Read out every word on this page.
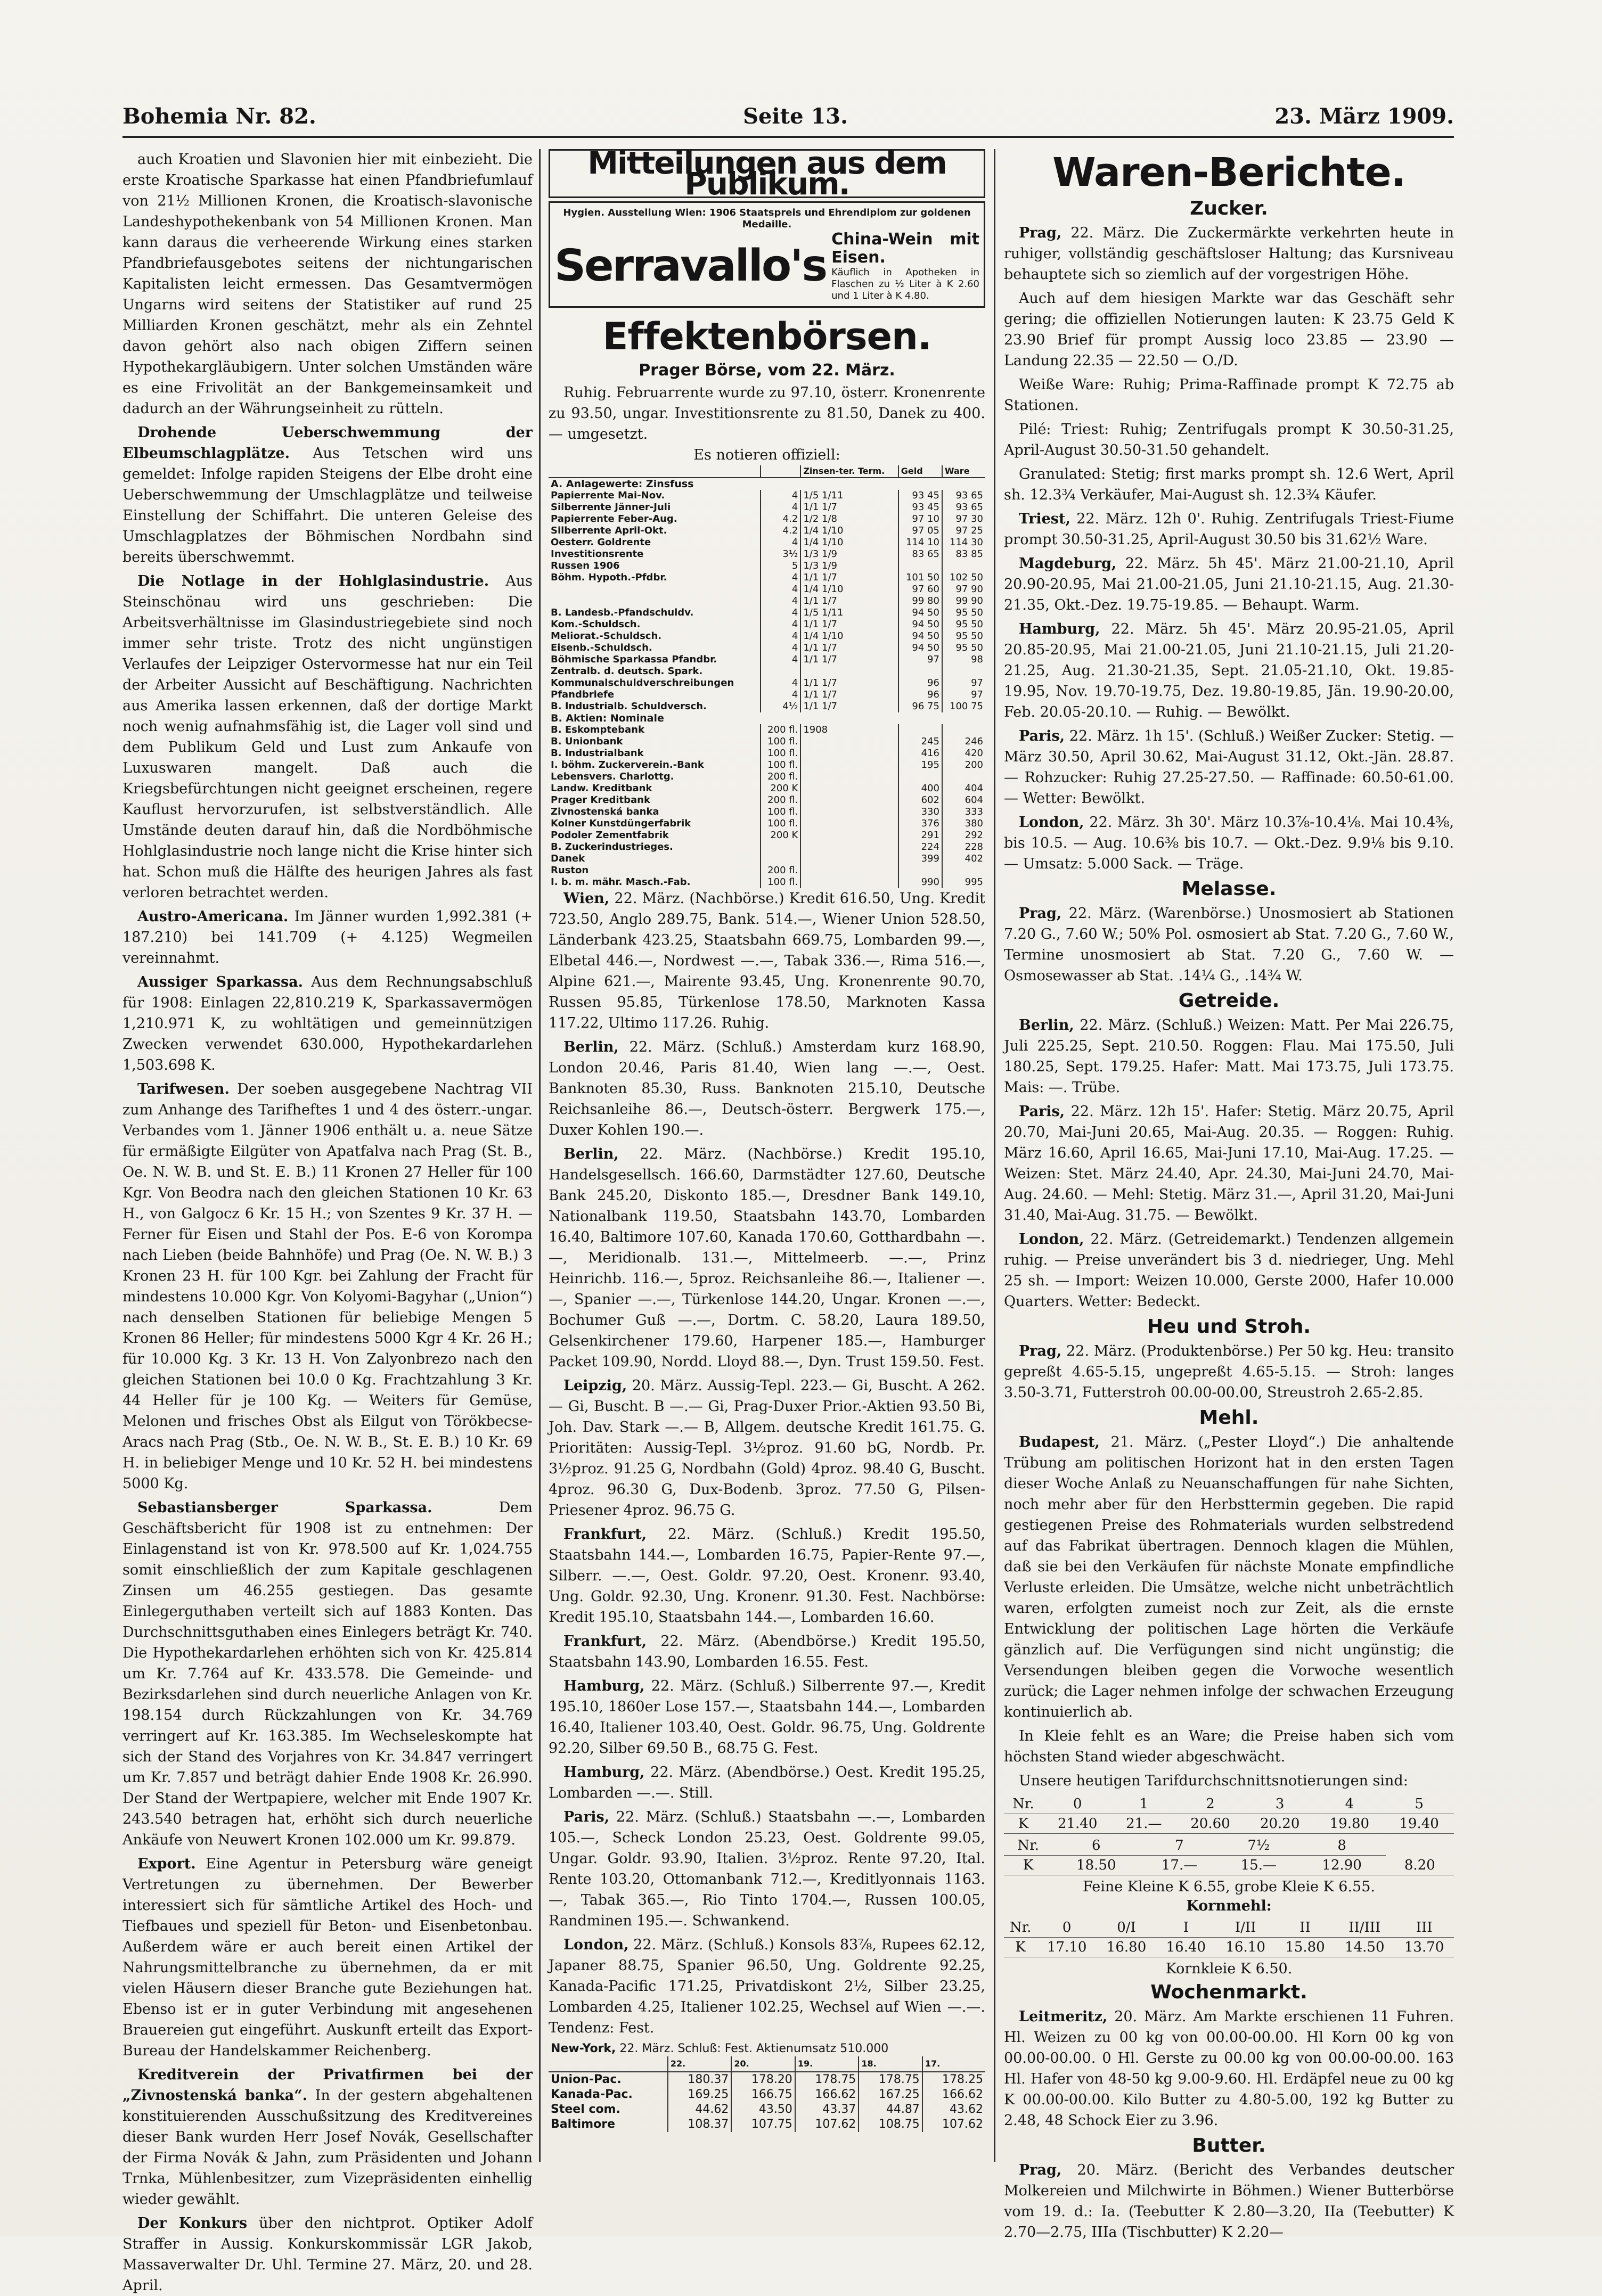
Bohemia Nr. 82.	Seite 13.	23. März 1909.

auch Kroatien und Slavonien hier mit einbezieht. Die erste Kroatische Sparkasse hat einen Pfandbriefumlauf von 21½ Millionen Kronen, die Kroatisch-slavonische Landeshypothekenbank von 54 Millionen Kronen. Man kann daraus die verheerende Wirkung eines starken Pfandbriefausgebotes seitens der nichtungarischen Kapitalisten leicht ermessen. Das Gesamtvermögen Ungarns wird seitens der Statistiker auf rund 25 Milliarden Kronen geschätzt, mehr als ein Zehntel davon gehört also nach obigen Ziffern seinen Hypothekargläubigern. Unter solchen Umständen wäre es eine Frivolität an der Bankgemeinsamkeit und dadurch an der Währungseinheit zu rütteln.

Drohende Ueberschwemmung der Elbeumschlagplätze. Aus Tetschen wird uns gemeldet: Infolge rapiden Steigens der Elbe droht eine Ueberschwemmung der Umschlagplätze und teilweise Einstellung der Schiffahrt. Die unteren Geleise des Umschlagplatzes der Böhmischen Nordbahn sind bereits überschwemmt.

Die Notlage in der Hohlglasindustrie. Aus Steinschönau wird uns geschrieben: Die Arbeitsverhältnisse im Glasindustriegebiete sind noch immer sehr triste. Trotz des nicht ungünstigen Verlaufes der Leipziger Ostervormesse hat nur ein Teil der Arbeiter Aussicht auf Beschäftigung. Nachrichten aus Amerika lassen erkennen, daß der dortige Markt noch wenig aufnahmsfähig ist, die Lager voll sind und dem Publikum Geld und Lust zum Ankaufe von Luxuswaren mangelt. Daß auch die Kriegsbefürchtungen nicht geeignet erscheinen, regere Kauflust hervorzurufen, ist selbstverständlich. Alle Umstände deuten darauf hin, daß die Nordböhmische Hohlglasindustrie noch lange nicht die Krise hinter sich hat. Schon muß die Hälfte des heurigen Jahres als fast verloren betrachtet werden.

Austro-Americana. Im Jänner wurden 1,992.381 (+ 187.210) bei 141.709 (+ 4.125) Wegmeilen vereinnahmt.

Aussiger Sparkassa. Aus dem Rechnungsabschluß für 1908: Einlagen 22,810.219 K, Sparkassavermögen 1,210.971 K, zu wohltätigen und gemeinnützigen Zwecken verwendet 630.000, Hypothekardarlehen 1,503.698 K.

Tarifwesen. Der soeben ausgegebene Nachtrag VII zum Anhange des Tarifheftes 1 und 4 des österr.-ungar. Verbandes vom 1. Jänner 1906 enthält u. a. neue Sätze für ermäßigte Eilgüter von Apatfalva nach Prag (St. B., Oe. N. W. B. und St. E. B.) 11 Kronen 27 Heller für 100 Kgr. Von Beodra nach den gleichen Stationen 10 Kr. 63 H., von Galgocz 6 Kr. 15 H.; von Szentes 9 Kr. 37 H. — Ferner für Eisen und Stahl der Pos. E-6 von Korompa nach Lieben (beide Bahnhöfe) und Prag (Oe. N. W. B.) 3 Kronen 23 H. für 100 Kgr. bei Zahlung der Fracht für mindestens 10.000 Kgr. Von Kolyomi-Bagyhar („Union“) nach denselben Stationen für beliebige Mengen 5 Kronen 86 Heller; für mindestens 5000 Kgr 4 Kr. 26 H.; für 10.000 Kg. 3 Kr. 13 H. Von Zalyonbrezo nach den gleichen Stationen bei 10.0 0 Kg. Frachtzahlung 3 Kr. 44 Heller für je 100 Kg. — Weiters für Gemüse, Melonen und frisches Obst als Eilgut von Törökbecse-Aracs nach Prag (Stb., Oe. N. W. B., St. E. B.) 10 Kr. 69 H. in beliebiger Menge und 10 Kr. 52 H. bei mindestens 5000 Kg.

Sebastiansberger Sparkassa.	Dem Geschäftsbericht für 1908 ist zu entnehmen: Der Einlagenstand ist von Kr. 978.500 auf Kr. 1,024.755 somit einschließlich der zum Kapitale geschlagenen Zinsen um 46.255 gestiegen. Das gesamte Einlegerguthaben verteilt sich auf 1883 Konten. Das Durchschnittsguthaben eines Einlegers beträgt Kr. 740. Die Hypothekardarlehen erhöhten sich von Kr. 425.814 um Kr. 7.764 auf Kr. 433.578. Die Gemeinde- und Bezirksdarlehen sind durch neuerliche Anlagen von Kr. 198.154 durch Rückzahlungen von Kr. 34.769 verringert auf Kr. 163.385. Im Wechseleskompte hat sich der Stand des Vorjahres von Kr. 34.847 verringert um Kr. 7.857 und beträgt dahier Ende 1908 Kr. 26.990. Der Stand der Wertpapiere, welcher mit Ende 1907 Kr. 243.540 betragen hat, erhöht sich durch neuerliche Ankäufe von Neuwert Kronen 102.000 um Kr. 99.879.

Export. Eine Agentur in Petersburg wäre geneigt Vertretungen zu übernehmen. Der Bewerber interessiert sich für sämtliche Artikel des Hoch- und Tiefbaues und speziell für Beton- und Eisenbetonbau. Außerdem wäre er auch bereit einen Artikel der Nahrungsmittelbranche zu übernehmen, da er mit vielen Häusern dieser Branche gute Beziehungen hat. Ebenso ist er in guter Verbindung mit angesehenen Brauereien gut eingeführt. Auskunft erteilt das Export-Bureau der Handelskammer Reichenberg.

Kreditverein der Privatfirmen bei der „Zivnostenská banka“. In der gestern abgehaltenen konstituierenden Ausschußsitzung des Kreditvereines dieser Bank wurden Herr Josef Novák, Gesellschafter der Firma Novák & Jahn, zum Präsidenten und Johann Trnka, Mühlenbesitzer, zum Vizepräsidenten einhellig wieder gewählt.

Der Konkurs über den nichtprot. Optiker Adolf Straffer in Aussig. Konkurskommissär LGR Jakob, Massaverwalter Dr. Uhl. Termine 27. März, 20. und 28. April.

Mitteilungen aus dem Publikum.
Hygien. Ausstellung Wien: 1906 Staatspreis und Ehrendiplom zur goldenen Medaille.
Serravallo's
China-Wein mit Eisen.
Käuflich in Apotheken in Flaschen zu ½ Liter à K 2.60 und 1 Liter à K 4.80.
Effektenbörsen.
Prager Börse, vom 22. März.

Ruhig. Februarrente wurde zu 97.10, österr. Kronenrente zu 93.50, ungar. Investitionsrente zu 81.50, Danek zu 400.— umgesetzt.

Es notieren offiziell:
		Zinsen-ter. Term.	Geld	Ware
A. Anlagewerte: Zinsfuss				
Papierrente Mai-Nov.	4	1/5 1/11	93 45	93 65
Silberrente Jänner-Juli	4	1/1 1/7	93 45	93 65
Papierrente Feber-Aug.	4.2	1/2 1/8	97 10	97 30
Silberrente April-Okt.	4.2	1/4 1/10	97 05	97 25
Oesterr. Goldrente	4	1/4 1/10	114 10	114 30
Investitionsrente	3½	1/3 1/9	83 65	83 85
Russen 1906	5	1/3 1/9		
Böhm. Hypoth.-Pfdbr.	4	1/1 1/7	101 50	102 50
	4	1/4 1/10	97 60	97 90
	4	1/1 1/7	99 80	99 90
B. Landesb.-Pfandschuldv.	4	1/5 1/11	94 50	95 50
Kom.-Schuldsch.	4	1/1 1/7	94 50	95 50
Meliorat.-Schuldsch.	4	1/4 1/10	94 50	95 50
Eisenb.-Schuldsch.	4	1/1 1/7	94 50	95 50
Böhmische Sparkassa Pfandbr.	4	1/1 1/7	97	98
Zentralb. d. deutsch. Spark.				
Kommunalschuldverschreibungen	4	1/1 1/7	96	97
Pfandbriefe	4	1/1 1/7	96	97
B. Industrialb. Schuldversch.	4½	1/1 1/7	96 75	100 75
B. Aktien: Nominale				
B. Eskomptebank	200 fl.	1908		
B. Unionbank	100 fl.		245	246
B. Industrialbank	100 fl.		416	420
I. böhm. Zuckerverein.-Bank	100 fl.		195	200
Lebensvers. Charlottg.	200 fl.			
Landw. Kreditbank	200 K		400	404
Prager Kreditbank	200 fl.		602	604
Zivnostenská banka	100 fl.		330	333
Kolner Kunstdüngerfabrik	100 fl.		376	380
Podoler Zementfabrik	200 K		291	292
B. Zuckerindustrieges.			224	228
Danek			399	402
Ruston	200 fl.			
I. b. m. mähr. Masch.-Fab.	100 fl.		990	995

Wien, 22. März. (Nachbörse.) Kredit 616.50, Ung. Kredit 723.50, Anglo 289.75, Bank. 514.—, Wiener Union 528.50, Länderbank 423.25, Staatsbahn 669.75, Lombarden 99.—, Elbetal 446.—, Nordwest —.—, Tabak 336.—, Rima 516.—, Alpine 621.—, Mairente 93.45, Ung. Kronenrente 90.70, Russen 95.85, Türkenlose 178.50, Marknoten Kassa 117.22, Ultimo 117.26. Ruhig.

Berlin, 22. März. (Schluß.) Amsterdam kurz 168.90, London 20.46, Paris 81.40, Wien lang —.—, Oest. Banknoten 85.30, Russ. Banknoten 215.10, Deutsche Reichsanleihe 86.—, Deutsch-österr. Bergwerk 175.—, Duxer Kohlen 190.—.

Berlin, 22. März. (Nachbörse.) Kredit 195.10, Handelsgesellsch. 166.60, Darmstädter 127.60, Deutsche Bank 245.20, Diskonto 185.—, Dresdner Bank 149.10, Nationalbank 119.50, Staatsbahn 143.70, Lombarden 16.40, Baltimore 107.60, Kanada 170.60, Gotthardbahn —.—, Meridionalb. 131.—, Mittelmeerb. —.—, Prinz Heinrichb. 116.—, 5proz. Reichsanleihe 86.—, Italiener —.—, Spanier —.—, Türkenlose 144.20, Ungar. Kronen —.—, Bochumer Guß —.—, Dortm. C. 58.20, Laura 189.50, Gelsenkirchener 179.60, Harpener 185.—, Hamburger Packet 109.90, Nordd. Lloyd 88.—, Dyn. Trust 159.50. Fest.

Leipzig, 20. März. Aussig-Tepl. 223.— Gi, Buscht. A 262.— Gi, Buscht. B —.— Gi, Prag-Duxer Prior.-Aktien 93.50 Bi, Joh. Dav. Stark —.— B, Allgem. deutsche Kredit 161.75. G. Prioritäten: Aussig-Tepl. 3½proz. 91.60 bG, Nordb. Pr. 3½proz. 91.25 G, Nordbahn (Gold) 4proz. 98.40 G, Buscht. 4proz. 96.30 G, Dux-Bodenb. 3proz. 77.50 G, Pilsen-Priesener 4proz. 96.75 G.

Frankfurt, 22. März. (Schluß.) Kredit 195.50, Staatsbahn 144.—, Lombarden 16.75, Papier-Rente 97.—, Silberr. —.—, Oest. Goldr. 97.20, Oest. Kronenr. 93.40, Ung. Goldr. 92.30, Ung. Kronenr. 91.30. Fest. Nachbörse: Kredit 195.10, Staatsbahn 144.—, Lombarden 16.60.

Frankfurt, 22. März. (Abendbörse.) Kredit 195.50, Staatsbahn 143.90, Lombarden 16.55. Fest.

Hamburg, 22. März. (Schluß.) Silberrente 97.—, Kredit 195.10, 1860er Lose 157.—, Staatsbahn 144.—, Lombarden 16.40, Italiener 103.40, Oest. Goldr. 96.75, Ung. Goldrente 92.20, Silber 69.50 B., 68.75 G. Fest.

Hamburg, 22. März. (Abendbörse.) Oest. Kredit 195.25, Lombarden —.—. Still.

Paris, 22. März. (Schluß.) Staatsbahn —.—, Lombarden 105.—, Scheck London 25.23, Oest. Goldrente 99.05, Ungar. Goldr. 93.90, Italien. 3½proz. Rente 97.20, Ital. Rente 103.20, Ottomanbank 712.—, Kreditlyonnais 1163.—, Tabak 365.—, Rio Tinto 1704.—, Russen 100.05, Randminen 195.—. Schwankend.

London, 22. März. (Schluß.) Konsols 83⅞, Rupees 62.12, Japaner 88.75, Spanier 96.50, Ung. Goldrente 92.25, Kanada-Pacific 171.25, Privatdiskont 2½, Silber 23.25, Lombarden 4.25, Italiener 102.25, Wechsel auf Wien —.—. Tendenz: Fest.

New-York, 22. März. Schluß: Fest. Aktienumsatz 510.000					
	22.	20.	19.	18.	17.
Union-Pac.	180.37	178.20	178.75	178.75	178.25
Kanada-Pac.	169.25	166.75	166.62	167.25	166.62
Steel com.	44.62	43.50	43.37	44.87	43.62
Baltimore	108.37	107.75	107.62	108.75	107.62
Waren-Berichte.
Zucker.

Prag, 22. März. Die Zuckermärkte verkehrten heute in ruhiger, vollständig geschäftsloser Haltung; das Kursniveau behauptete sich so ziemlich auf der vorgestrigen Höhe.

Auch auf dem hiesigen Markte war das Geschäft sehr gering; die offiziellen Notierungen lauten: K 23.75 Geld K 23.90 Brief für prompt Aussig loco 23.85 — 23.90 — Landung 22.35 — 22.50 — O./D.

Weiße Ware: Ruhig; Prima-Raffinade prompt K 72.75 ab Stationen.

Pilé: Triest: Ruhig; Zentrifugals prompt K 30.50-31.25, April-August 30.50-31.50 gehandelt.

Granulated: Stetig; first marks prompt sh. 12.6 Wert, April sh. 12.3¾ Verkäufer, Mai-August sh. 12.3¾ Käufer.

Triest, 22. März. 12h 0'. Ruhig. Zentrifugals Triest-Fiume prompt 30.50-31.25, April-August 30.50 bis 31.62½ Ware.

Magdeburg, 22. März. 5h 45'. März 21.00-21.10, April 20.90-20.95, Mai 21.00-21.05, Juni 21.10-21.15, Aug. 21.30-21.35, Okt.-Dez. 19.75-19.85. — Behaupt. Warm.

Hamburg, 22. März. 5h 45'. März 20.95-21.05, April 20.85-20.95, Mai 21.00-21.05, Juni 21.10-21.15, Juli 21.20-21.25, Aug. 21.30-21.35, Sept. 21.05-21.10, Okt. 19.85-19.95, Nov. 19.70-19.75, Dez. 19.80-19.85, Jän. 19.90-20.00, Feb. 20.05-20.10. — Ruhig. — Bewölkt.

Paris, 22. März. 1h 15'. (Schluß.) Weißer Zucker: Stetig. — März 30.50, April 30.62, Mai-August 31.12, Okt.-Jän. 28.87. — Rohzucker: Ruhig 27.25-27.50. — Raffinade: 60.50-61.00. — Wetter: Bewölkt.

London, 22. März. 3h 30'. März 10.3⅞-10.4⅛. Mai 10.4⅜, bis 10.5. — Aug. 10.6⅜ bis 10.7. — Okt.-Dez. 9.9⅛ bis 9.10. — Umsatz: 5.000 Sack. — Träge.

Melasse.

Prag, 22. März. (Warenbörse.) Unosmosiert ab Stationen 7.20 G., 7.60 W.; 50% Pol. osmosiert ab Stat. 7.20 G., 7.60 W., Termine unosmosiert ab Stat. 7.20 G., 7.60 W. — Osmosewasser ab Stat. .14¼ G., .14¾ W.

Getreide.

Berlin, 22. März. (Schluß.) Weizen: Matt. Per Mai 226.75, Juli 225.25, Sept. 210.50. Roggen: Flau. Mai 175.50, Juli 180.25, Sept. 179.25. Hafer: Matt. Mai 173.75, Juli 173.75. Mais: —. Trübe.

Paris, 22. März. 12h 15'. Hafer: Stetig. März 20.75, April 20.70, Mai-Juni 20.65, Mai-Aug. 20.35. — Roggen: Ruhig. März 16.60, April 16.65, Mai-Juni 17.10, Mai-Aug. 17.25. — Weizen: Stet. März 24.40, Apr. 24.30, Mai-Juni 24.70, Mai-Aug. 24.60. — Mehl: Stetig. März 31.—, April 31.20, Mai-Juni 31.40, Mai-Aug. 31.75. — Bewölkt.

London, 22. März. (Getreidemarkt.) Tendenzen allgemein ruhig. — Preise unverändert bis 3 d. niedrieger, Ung. Mehl 25 sh. — Import: Weizen 10.000, Gerste 2000, Hafer 10.000 Quarters. Wetter: Bedeckt.

Heu und Stroh.

Prag, 22. März. (Produktenbörse.) Per 50 kg. Heu: transito gepreßt 4.65-5.15, ungepreßt 4.65-5.15. — Stroh: langes 3.50-3.71, Futterstroh 00.00-00.00, Streustroh 2.65-2.85.

Mehl.

Budapest, 21. März. („Pester Lloyd“.) Die anhaltende Trübung am politischen Horizont hat in den ersten Tagen dieser Woche Anlaß zu Neuanschaffungen für nahe Sichten, noch mehr aber für den Herbsttermin gegeben. Die rapid gestiegenen Preise des Rohmaterials wurden selbstredend auf das Fabrikat übertragen. Dennoch klagen die Mühlen, daß sie bei den Verkäufen für nächste Monate empfindliche Verluste erleiden. Die Umsätze, welche nicht unbeträchtlich waren, erfolgten zumeist noch zur Zeit, als die ernste Entwicklung der politischen Lage hörten die Verkäufe gänzlich auf. Die Verfügungen sind nicht ungünstig; die Versendungen bleiben gegen die Vorwoche wesentlich zurück; die Lager nehmen infolge der schwachen Erzeugung kontinuierlich ab.

In Kleie fehlt es an Ware; die Preise haben sich vom höchsten Stand wieder abgeschwächt.

Unsere heutigen Tarifdurchschnittsnotierungen sind:

Nr.	0	1	2	3	4	5
K	21.40	21.—	20.60	20.20	19.80	19.40
Nr.	6	7	7½	8	
K	18.50	17.—	15.—	12.90	8.20
Feine Kleine K 6.55, grobe Kleie K 6.55.
Kornmehl:
Nr.	0	0/I	I	I/II	II	II/III	III
K	17.10	16.80	16.40	16.10	15.80	14.50	13.70
Kornkleie K 6.50.
Wochenmarkt.

Leitmeritz, 20. März. Am Markte erschienen 11 Fuhren. Hl. Weizen zu 00 kg von 00.00-00.00. Hl Korn 00 kg von 00.00-00.00. 0 Hl. Gerste zu 00.00 kg von 00.00-00.00. 163 Hl. Hafer von 48-50 kg 9.00-9.60. Hl. Erdäpfel neue zu 00 kg K 00.00-00.00. Kilo Butter zu 4.80-5.00, 192 kg Butter zu 2.48, 48 Schock Eier zu 3.96.

Butter.

Prag, 20. März. (Bericht des Verbandes deutscher Molkereien und Milchwirte in Böhmen.) Wiener Butterbörse vom 19. d.: Ia. (Teebutter K 2.80—3.20, IIa (Teebutter) K 2.70—2.75, IIIa (Tischbutter) K 2.20—
